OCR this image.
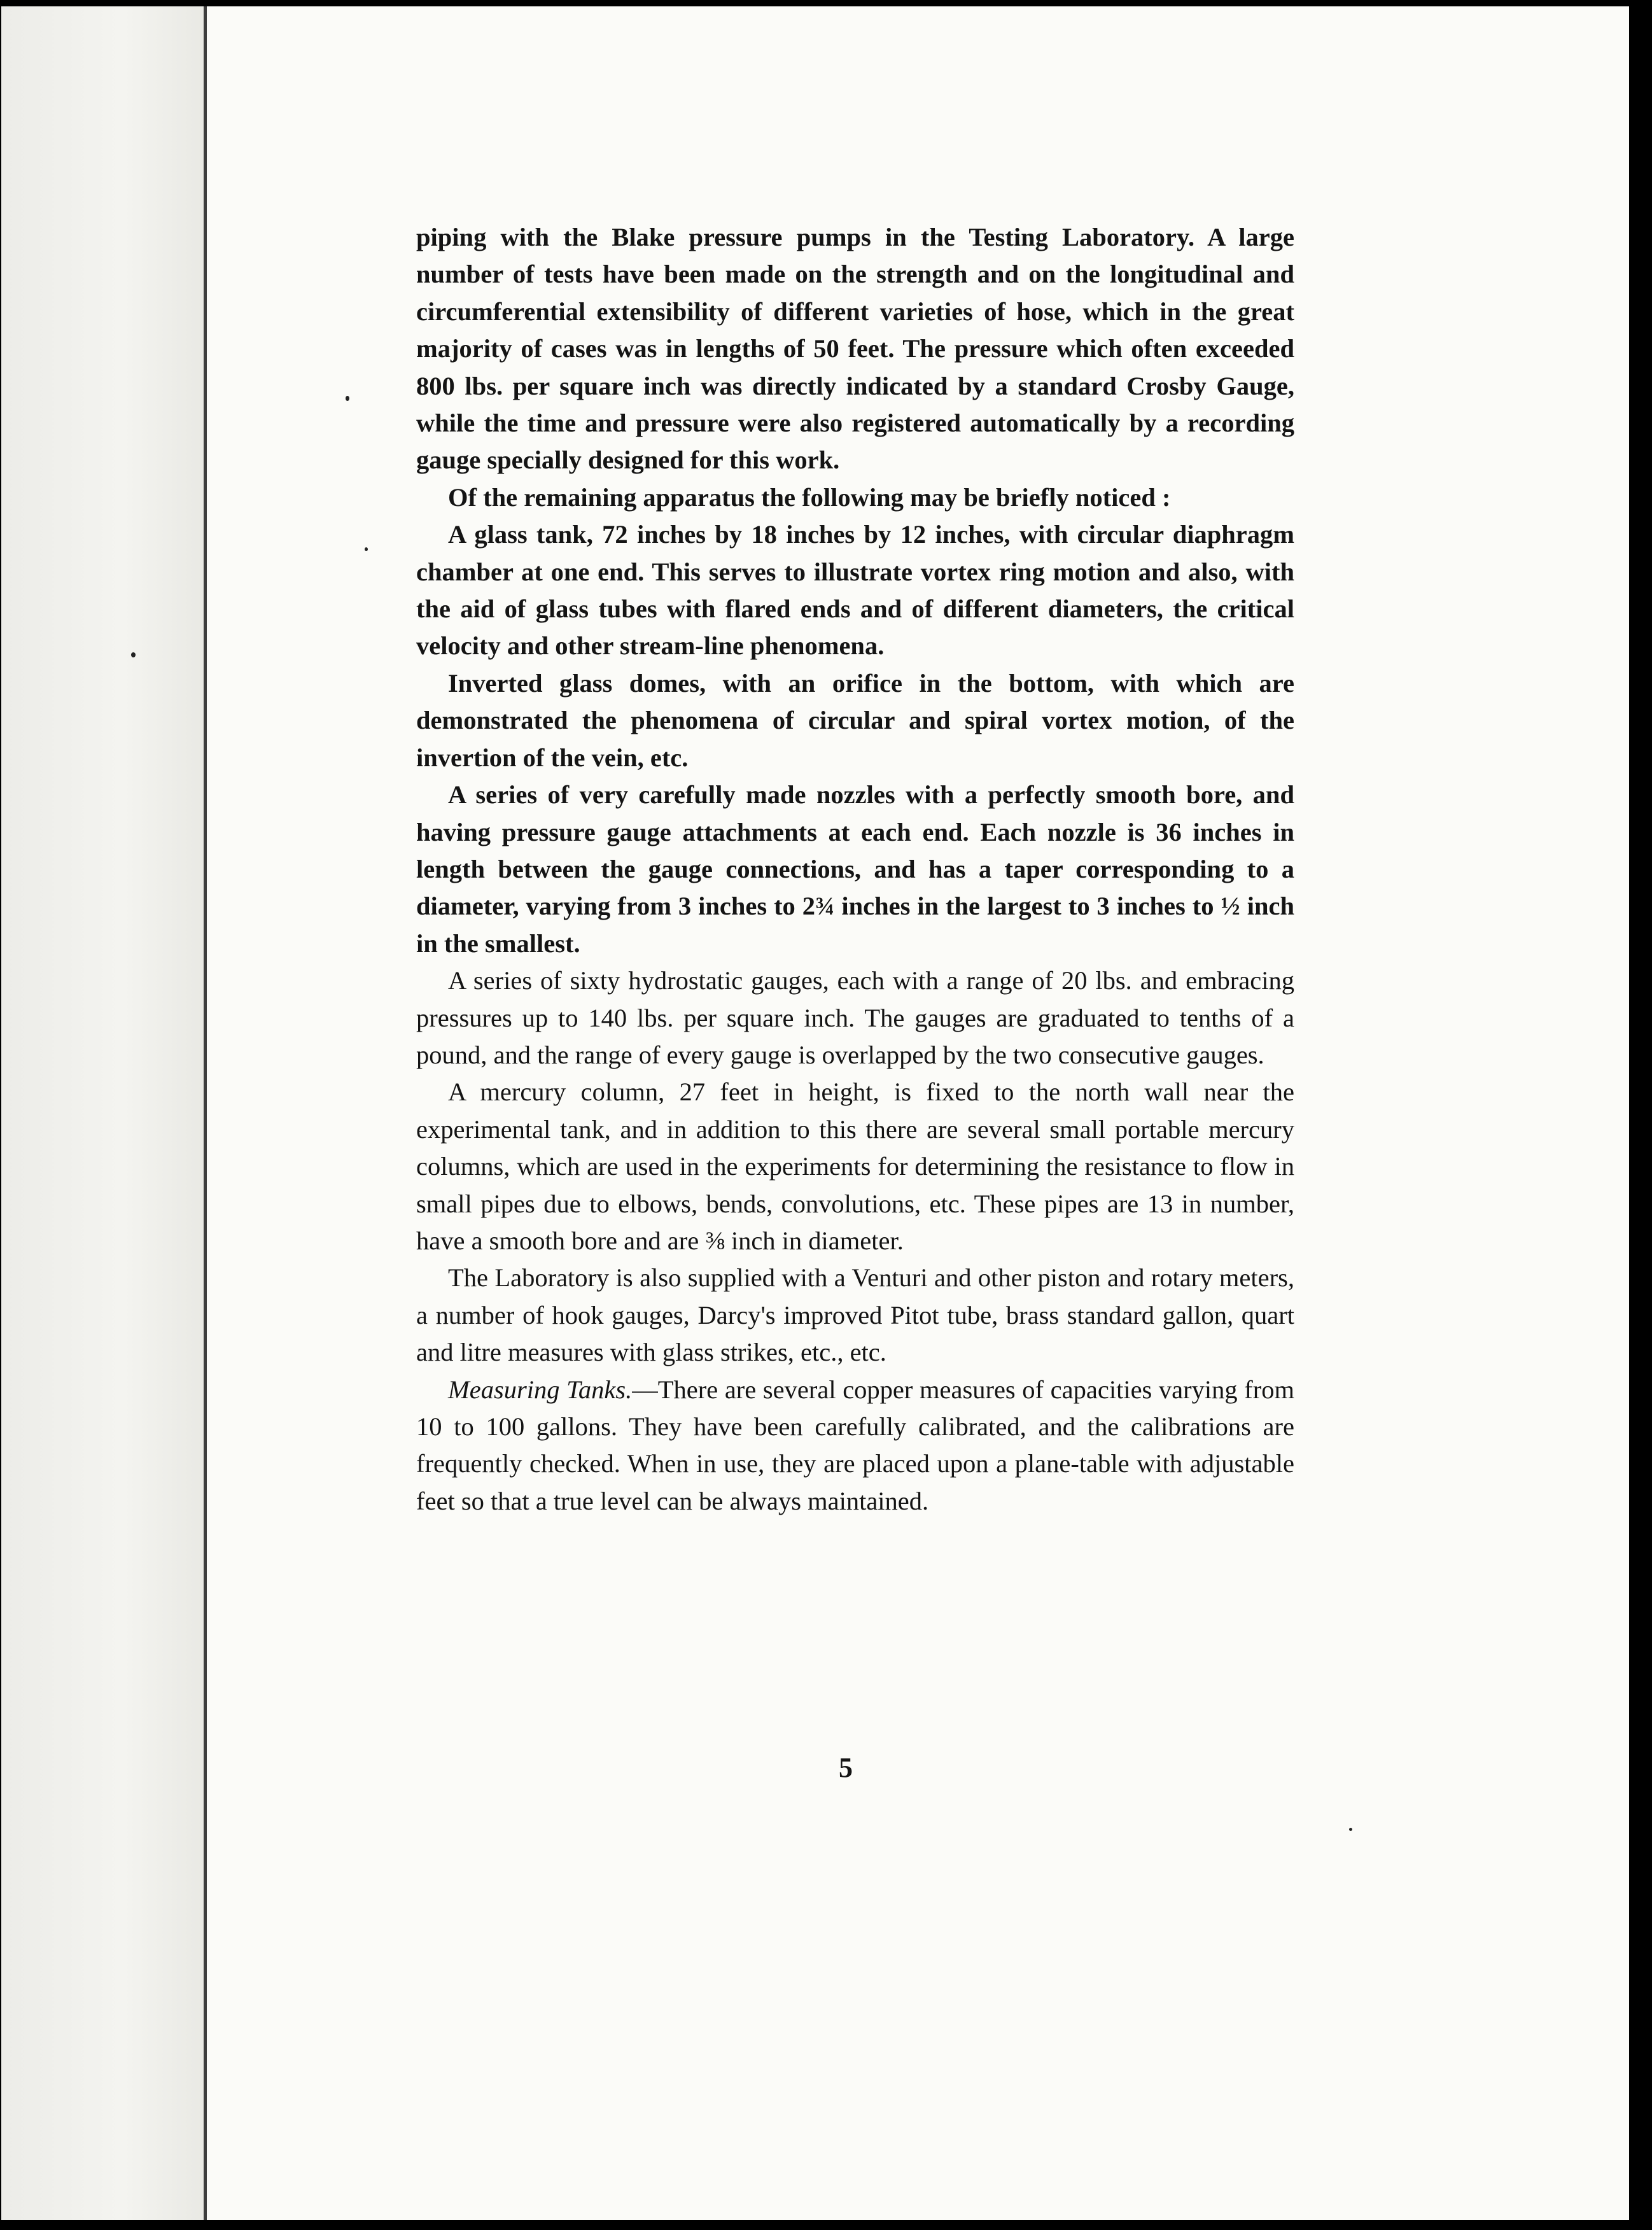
piping with the Blake pressure pumps in the Testing Laboratory. A large number of tests have been made on the strength and on the longitudinal and circumferential extensibility of different varieties of hose, which in the great majority of cases was in lengths of 50 feet. The pressure which often exceeded 800 lbs. per square inch was directly indicated by a standard Crosby Gauge, while the time and pressure were also registered automatically by a recording gauge specially designed for this work.

Of the remaining apparatus the following may be briefly noticed :

A glass tank, 72 inches by 18 inches by 12 inches, with circular diaphragm chamber at one end. This serves to illustrate vortex ring motion and also, with the aid of glass tubes with flared ends and of different diameters, the critical velocity and other stream-line phenomena.

Inverted glass domes, with an orifice in the bottom, with which are demonstrated the phenomena of circular and spiral vortex motion, of the invertion of the vein, etc.

A series of very carefully made nozzles with a perfectly smooth bore, and having pressure gauge attachments at each end. Each nozzle is 36 inches in length between the gauge connections, and has a taper corresponding to a diameter, varying from 3 inches to 2¾ inches in the largest to 3 inches to ½ inch in the smallest.

A series of sixty hydrostatic gauges, each with a range of 20 lbs. and embracing pressures up to 140 lbs. per square inch. The gauges are graduated to tenths of a pound, and the range of every gauge is overlapped by the two consecutive gauges.

A mercury column, 27 feet in height, is fixed to the north wall near the experimental tank, and in addition to this there are several small portable mercury columns, which are used in the experiments for determining the resistance to flow in small pipes due to elbows, bends, convolutions, etc. These pipes are 13 in number, have a smooth bore and are ⅜ inch in diameter.

The Laboratory is also supplied with a Venturi and other piston and rotary meters, a number of hook gauges, Darcy's improved Pitot tube, brass standard gallon, quart and litre measures with glass strikes, etc., etc.

Measuring Tanks.—There are several copper measures of capacities varying from 10 to 100 gallons. They have been carefully calibrated, and the calibrations are frequently checked. When in use, they are placed upon a plane-table with adjustable feet so that a true level can be always maintained.

5
